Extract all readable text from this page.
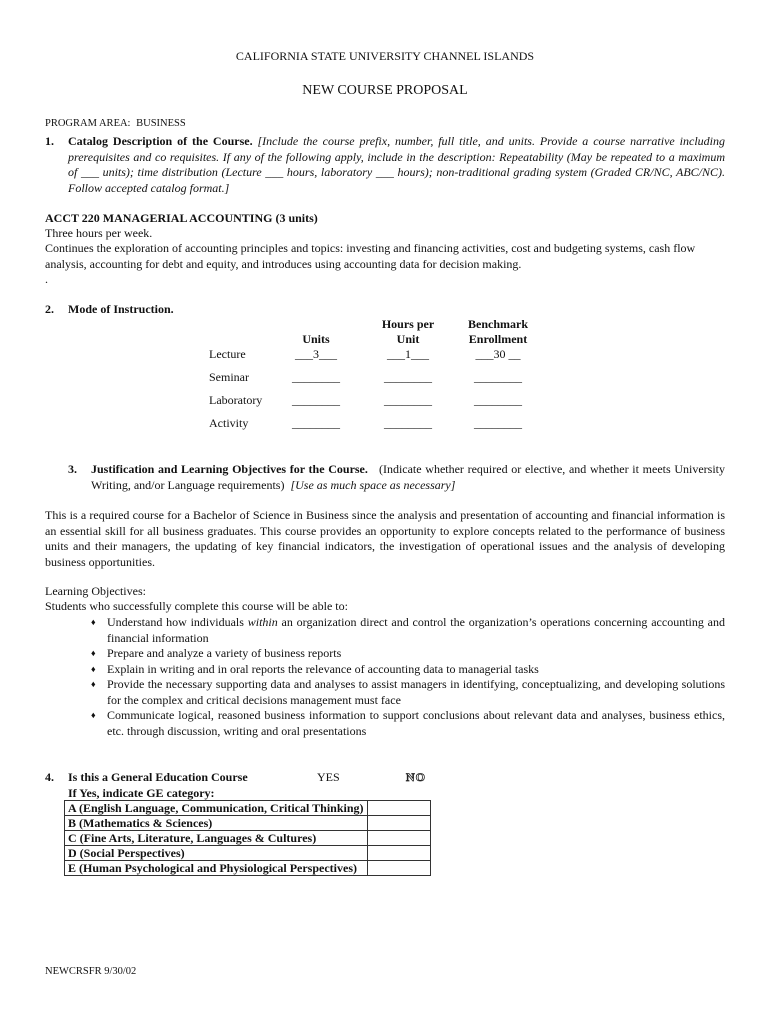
CALIFORNIA STATE UNIVERSITY CHANNEL ISLANDS
NEW COURSE PROPOSAL
PROGRAM AREA: BUSINESS
1. Catalog Description of the Course. [Include the course prefix, number, full title, and units. Provide a course narrative including prerequisites and co requisites. If any of the following apply, include in the description: Repeatability (May be repeated to a maximum of ___ units); time distribution (Lecture ___ hours, laboratory ___ hours); non-traditional grading system (Graded CR/NC, ABC/NC). Follow accepted catalog format.]
ACCT 220 MANAGERIAL ACCOUNTING (3 units)
Three hours per week.
Continues the exploration of accounting principles and topics: investing and financing activities, cost and budgeting systems, cash flow analysis, accounting for debt and equity, and introduces using accounting data for decision making.
.
2. Mode of Instruction.
Units
Hours per
Unit
Benchmark
Enrollment
Lecture	___3___	___1___	___30 __
Seminar	________	________	________
Laboratory	________	________	________
Activity	________	________	________
3. Justification and Learning Objectives for the Course. (Indicate whether required or elective, and whether it meets University Writing, and/or Language requirements) [Use as much space as necessary]
This is a required course for a Bachelor of Science in Business since the analysis and presentation of accounting and financial information is an essential skill for all business graduates. This course provides an opportunity to explore concepts related to the performance of business units and their managers, the updating of key financial indicators, the investigation of operational issues and the analysis of developing business opportunities.
Learning Objectives:
Students who successfully complete this course will be able to:
♦ Understand how individuals within an organization direct and control the organization’s operations concerning accounting and financial information
♦ Prepare and analyze a variety of business reports
♦ Explain in writing and in oral reports the relevance of accounting data to managerial tasks
♦ Provide the necessary supporting data and analyses to assist managers in identifying, conceptualizing, and developing solutions for the complex and critical decisions management must face
♦ Communicate logical, reasoned business information to support conclusions about relevant data and analyses, business ethics, etc. through discussion, writing and oral presentations
4. Is this a General Education Course	YES	NO
If Yes, indicate GE category:
A (English Language, Communication, Critical Thinking)	
B (Mathematics & Sciences)	
C (Fine Arts, Literature, Languages & Cultures)	
D (Social Perspectives)	
E (Human Psychological and Physiological Perspectives)	
NEWCRSFR 9/30/02
